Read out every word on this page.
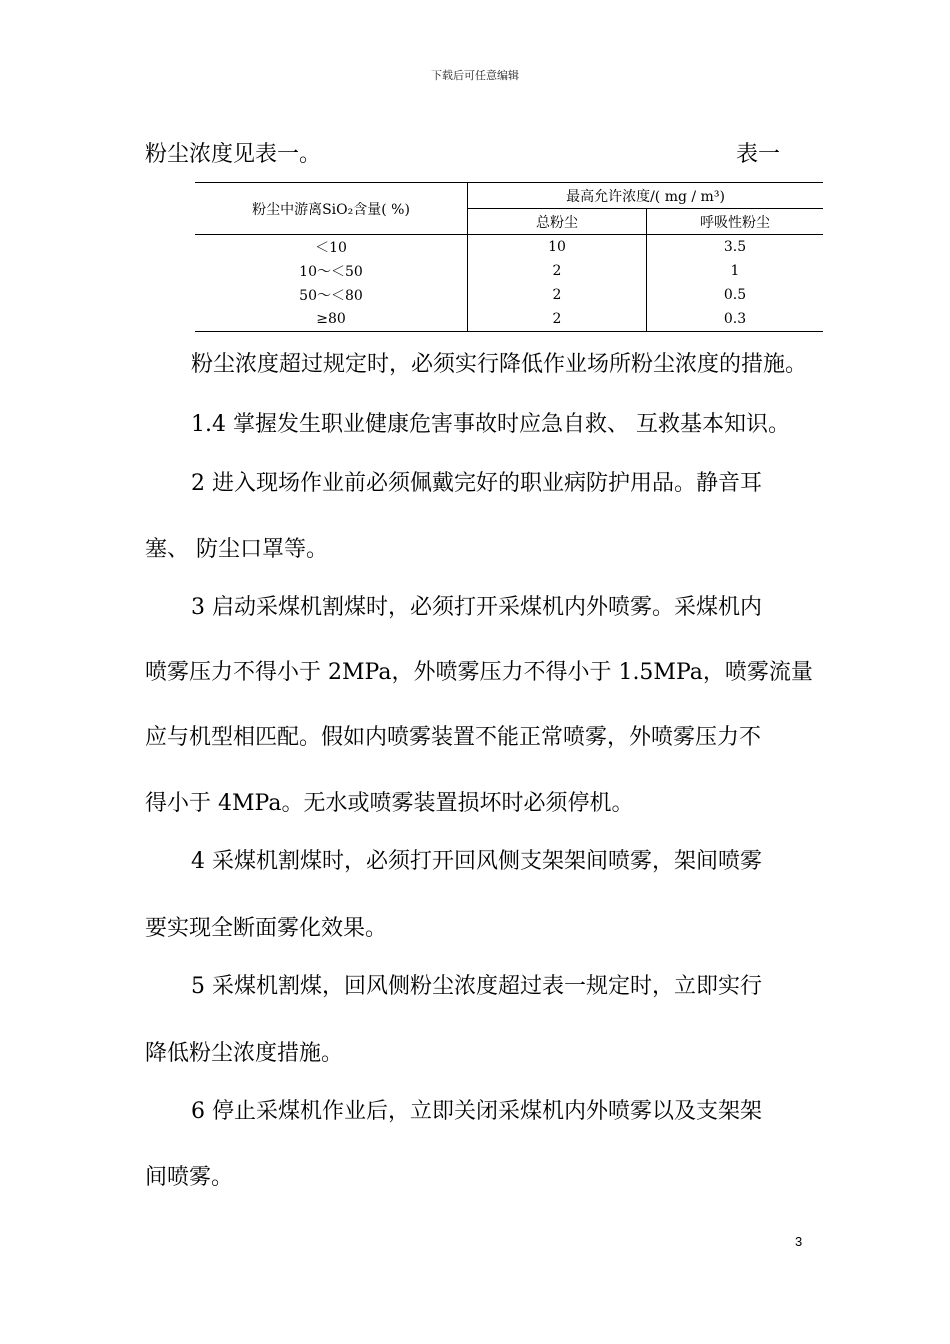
下载后可任意编辑
粉尘浓度见表一。	表一
粉尘中游离SiO₂含量( %)	最高允许浓度/( mg / m³)	
	总粉尘	呼吸性粉尘
＜10	10	3.5
10～＜50	2	1
50～＜80	2	0.5
≥80	2	0.3
粉尘浓度超过规定时，必须实行降低作业场所粉尘浓度的措施。
1.4 掌握发生职业健康危害事故时应急自救、 互救基本知识。
2 进入现场作业前必须佩戴完好的职业病防护用品。静音耳
塞、 防尘口罩等。
3 启动采煤机割煤时，必须打开采煤机内外喷雾。采煤机内
喷雾压力不得小于 2MPa，外喷雾压力不得小于 1.5MPa，喷雾流量
应与机型相匹配。假如内喷雾装置不能正常喷雾，外喷雾压力不
得小于 4MPa。无水或喷雾装置损坏时必须停机。
4 采煤机割煤时，必须打开回风侧支架架间喷雾，架间喷雾
要实现全断面雾化效果。
5 采煤机割煤，回风侧粉尘浓度超过表一规定时，立即实行
降低粉尘浓度措施。
6 停止采煤机作业后，立即关闭采煤机内外喷雾以及支架架
间喷雾。
3
